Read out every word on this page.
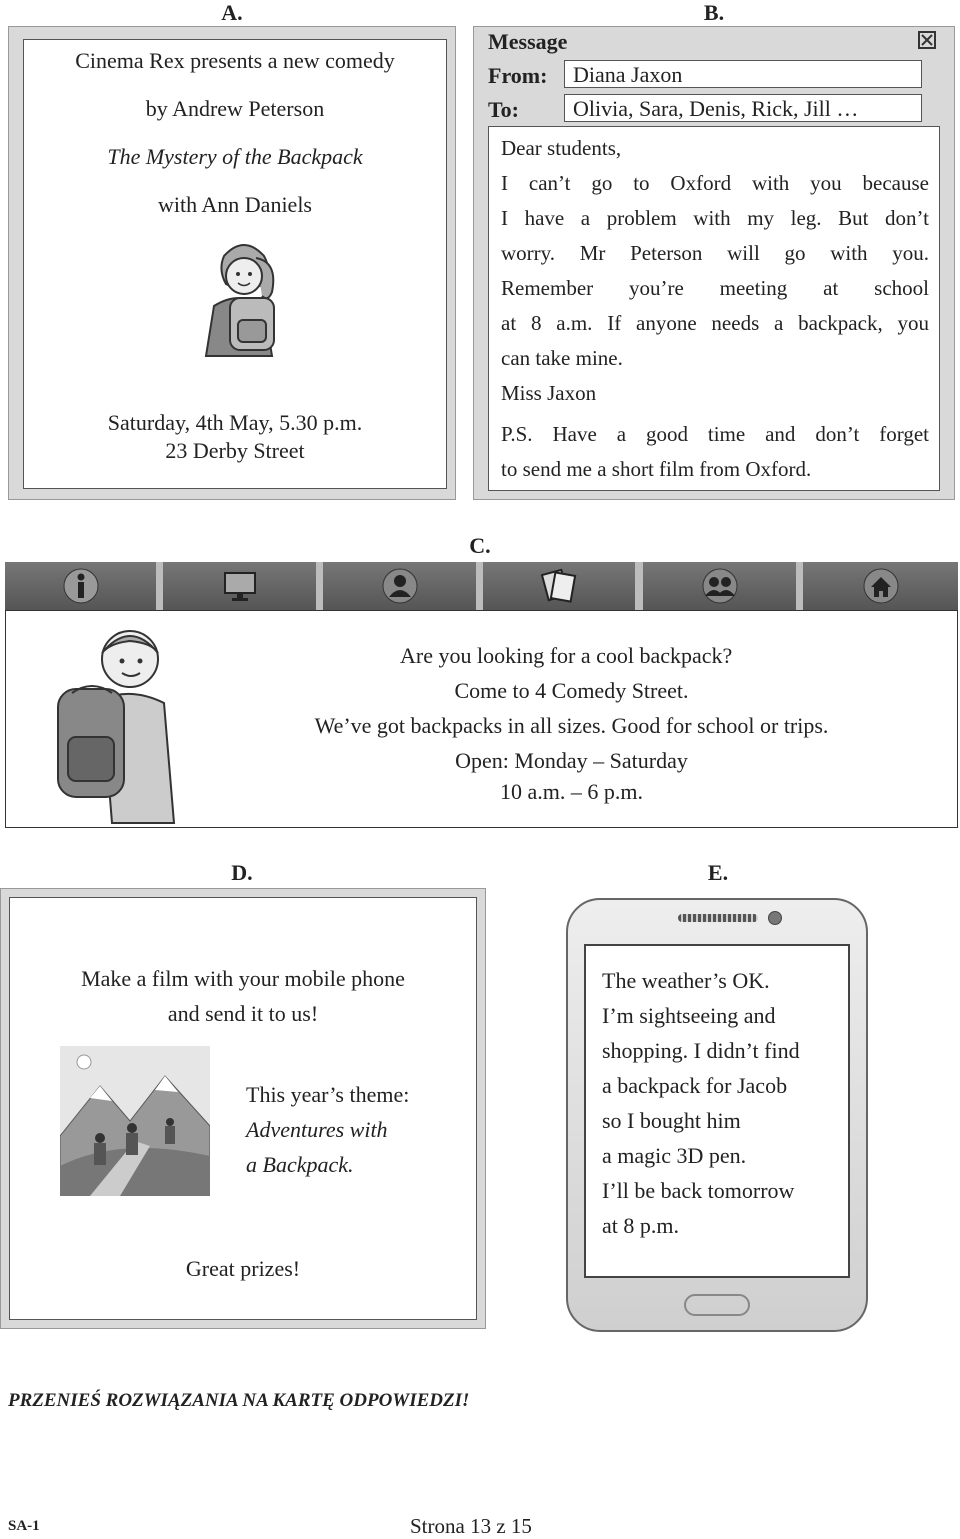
A.	B.
C.
D.	E.
Cinema Rex presents a new comedy
by Andrew Peterson
The Mystery of the Backpack
with Ann Daniels
Saturday, 4th May, 5.30 p.m.
23 Derby Street
Message
From:	Diana Jaxon
To:	Olivia, Sara, Denis, Rick, Jill …
Dear students,
I can’t go to Oxford with you because
I have a problem with my leg. But don’t
worry. Mr Peterson will go with you.
Remember you’re meeting at school
at 8 a.m. If anyone needs a backpack, you
can take mine.
Miss Jaxon
P.S. Have a good time and don’t forget
to send me a short film from Oxford.
Are you looking for a cool backpack?
Come to 4 Comedy Street.
We’ve got backpacks in all sizes. Good for school or trips.
Open: Monday – Saturday
10 a.m. – 6 p.m.
Make a film with your mobile phone
and send it to us!
This year’s theme:
Adventures with
a Backpack.
Great prizes!
The weather’s OK.
I’m sightseeing and
shopping. I didn’t find
a backpack for Jacob
so I bought him
a magic 3D pen.
I’ll be back tomorrow
at 8 p.m.
PRZENIEŚ ROZWIĄZANIA NA KARTĘ ODPOWIEDZI!
SA-1	Strona 13 z 15
